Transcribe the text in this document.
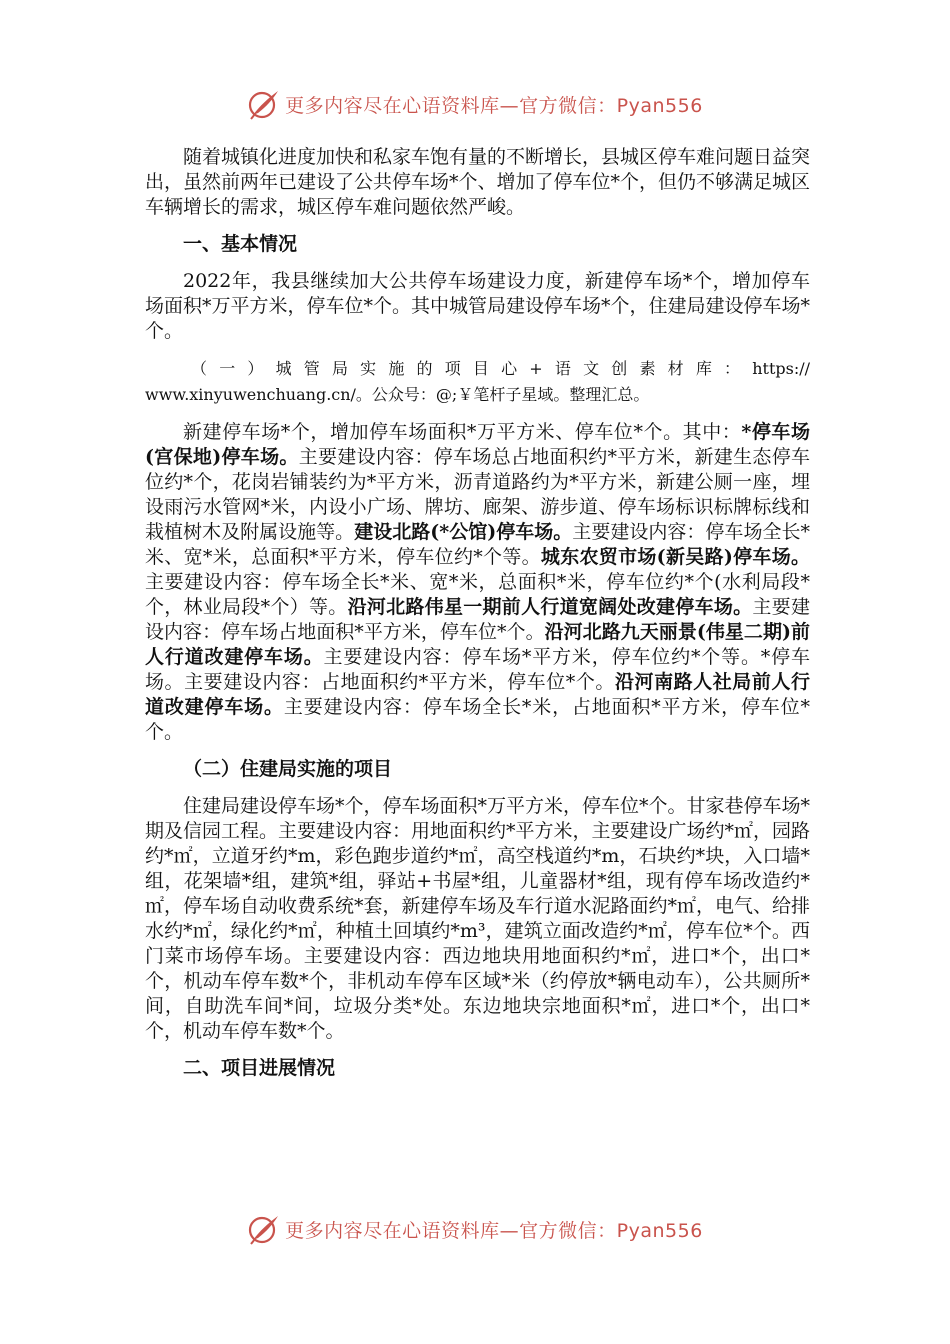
更多内容尽在心语资料库—官方微信：Pyan556

随着城镇化进度加快和私家车饱有量的不断增长，县城区停车难问题日益突出，虽然前两年已建设了公共停车场*个、增加了停车位*个，但仍不够满足城区车辆增长的需求，城区停车难问题依然严峻。

一、基本情况

2022年，我县继续加大公共停车场建设力度，新建停车场*个，增加停车场面积*万平方米，停车位*个。其中城管局建设停车场*个，住建局建设停车场*个。

（一）城管局实施的项目心+语文创素材库：https://
www.xinyuwenchuang.cn/。公众号：@;￥笔杆子星域。整理汇总。

新建停车场*个，增加停车场面积*万平方米、停车位*个。其中：*停车场(宫保地)停车场。主要建设内容：停车场总占地面积约*平方米，新建生态停车位约*个，花岗岩铺装约为*平方米，沥青道路约为*平方米，新建公厕一座，埋设雨污水管网*米，内设小广场、牌坊、廊架、游步道、停车场标识标牌标线和栽植树木及附属设施等。建设北路(*公馆)停车场。主要建设内容：停车场全长*米、宽*米，总面积*平方米，停车位约*个等。城东农贸市场(新吴路)停车场。主要建设内容：停车场全长*米、宽*米，总面积*米，停车位约*个(水利局段*个，林业局段*个）等。沿河北路伟星一期前人行道宽阔处改建停车场。主要建设内容：停车场占地面积*平方米，停车位*个。沿河北路九天丽景(伟星二期)前人行道改建停车场。主要建设内容：停车场*平方米，停车位约*个等。*停车场。主要建设内容：占地面积约*平方米，停车位*个。沿河南路人社局前人行道改建停车场。主要建设内容：停车场全长*米，占地面积*平方米，停车位*个。

（二）住建局实施的项目

住建局建设停车场*个，停车场面积*万平方米，停车位*个。甘家巷停车场*期及信园工程。主要建设内容：用地面积约*平方米，主要建设广场约*㎡，园路约*㎡，立道牙约*m，彩色跑步道约*㎡，高空栈道约*m，石块约*块，入口墙*组，花架墙*组，建筑*组，驿站+书屋*组，儿童器材*组，现有停车场改造约*㎡，停车场自动收费系统*套，新建停车场及车行道水泥路面约*㎡，电气、给排水约*㎡，绿化约*㎡，种植土回填约*m³，建筑立面改造约*㎡，停车位*个。西门菜市场停车场。主要建设内容：西边地块用地面积约*㎡，进口*个，出口*个，机动车停车数*个，非机动车停车区域*米（约停放*辆电动车），公共厕所*间，自助洗车间*间，垃圾分类*处。东边地块宗地面积*㎡，进口*个，出口*个，机动车停车数*个。

二、项目进展情况

更多内容尽在心语资料库—官方微信：Pyan556
